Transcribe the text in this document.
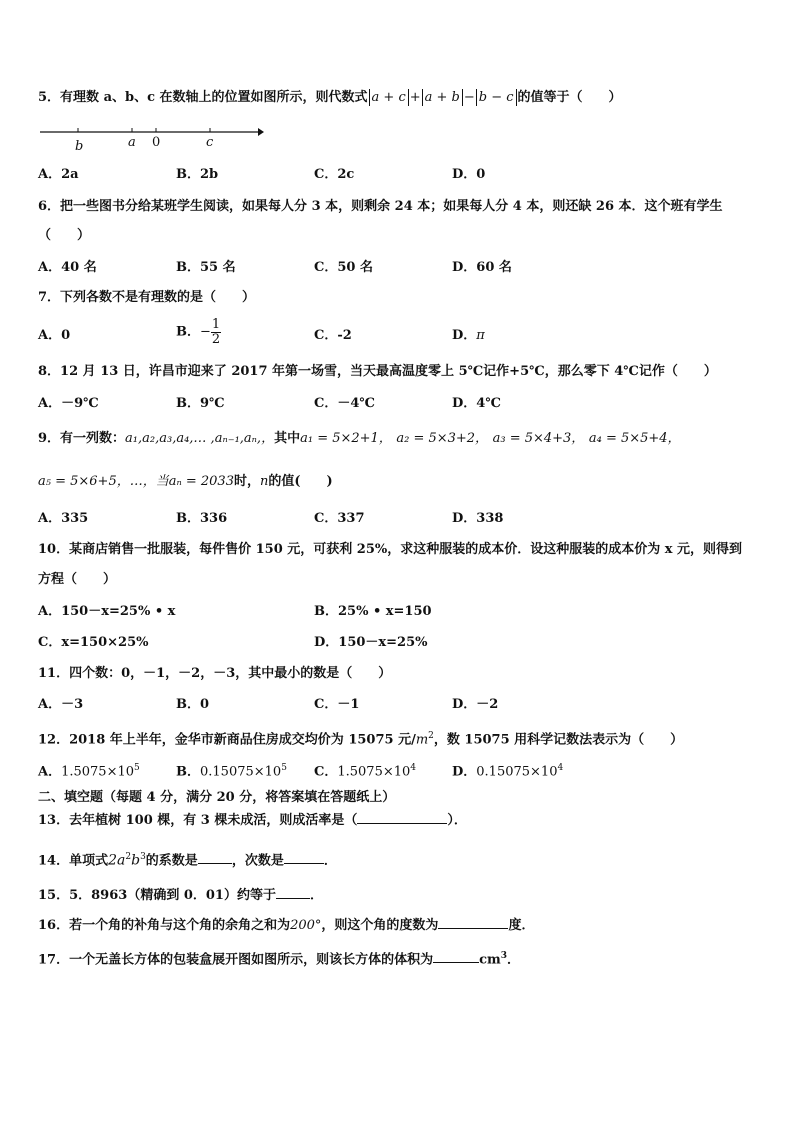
5．有理数 a、b、c 在数轴上的位置如图所示，则代数式 a + c + a + b − b − c 的值等于（　　）
b	a 0	c
A．2a	B．2b	C．2c	D．0
6．把一些图书分给某班学生阅读，如果每人分 3 本，则剩余 24 本；如果每人分 4 本，则还缺 26 本．这个班有学生
（　　）
A．40 名	B．55 名	C．50 名	D．60 名
7．下列各数不是有理数的是（　　）
A．0	B．− $\frac{1}{2}$	C．-2	D．π
8．12 月 13 日，许昌市迎来了 2017 年第一场雪，当天最高温度零上 5℃记作+5℃，那么零下 4℃记作（　　）
A．－9℃	B．9℃	C．－4℃	D．4℃
9．有一列数：a₁,a₂,a₃,a₄,… ,aₙ₋₁,aₙ,，其中a₁ = 5×2+1， a₂ = 5×3+2， a₃ = 5×4+3， a₄ = 5×5+4，
a₅ = 5×6+5，…，当aₙ = 2033时，n的值(　　)
A．335	B．336	C．337	D．338
10．某商店销售一批服装，每件售价 150 元，可获利 25%，求这种服装的成本价．设这种服装的成本价为 x 元，则得到
方程（　　）
A．150－x=25% • x	B．25% • x=150
C．x=150×25%	D．150－x=25%
11．四个数：0，－1，－2，－3，其中最小的数是（　　）
A．－3	B．0	C．－1	D．－2
12．2018 年上半年，金华市新商品住房成交均价为 15075 元$/m^2$，数 15075 用科学记数法表示为（　　）
A．$1.5075\times 10^5$	B．$0.15075\times 10^5$ C．$1.5075\times 10^4$	D．$0.15075\times 10^4$
二、填空题（每题 4 分，满分 20 分，将答案填在答题纸上）
13．去年植树 100 棵，有 3 棵未成活，则成活率是（	）．
14．单项式$2a^2b^3$的系数是	，次数是	．
15．5．8963（精确到 0．01）约等于	．
16．若一个角的补角与这个角的余角之和为200°，则这个角的度数为	度．
17．一个无盖长方体的包装盒展开图如图所示，则该长方体的体积为	$cm^3$．
